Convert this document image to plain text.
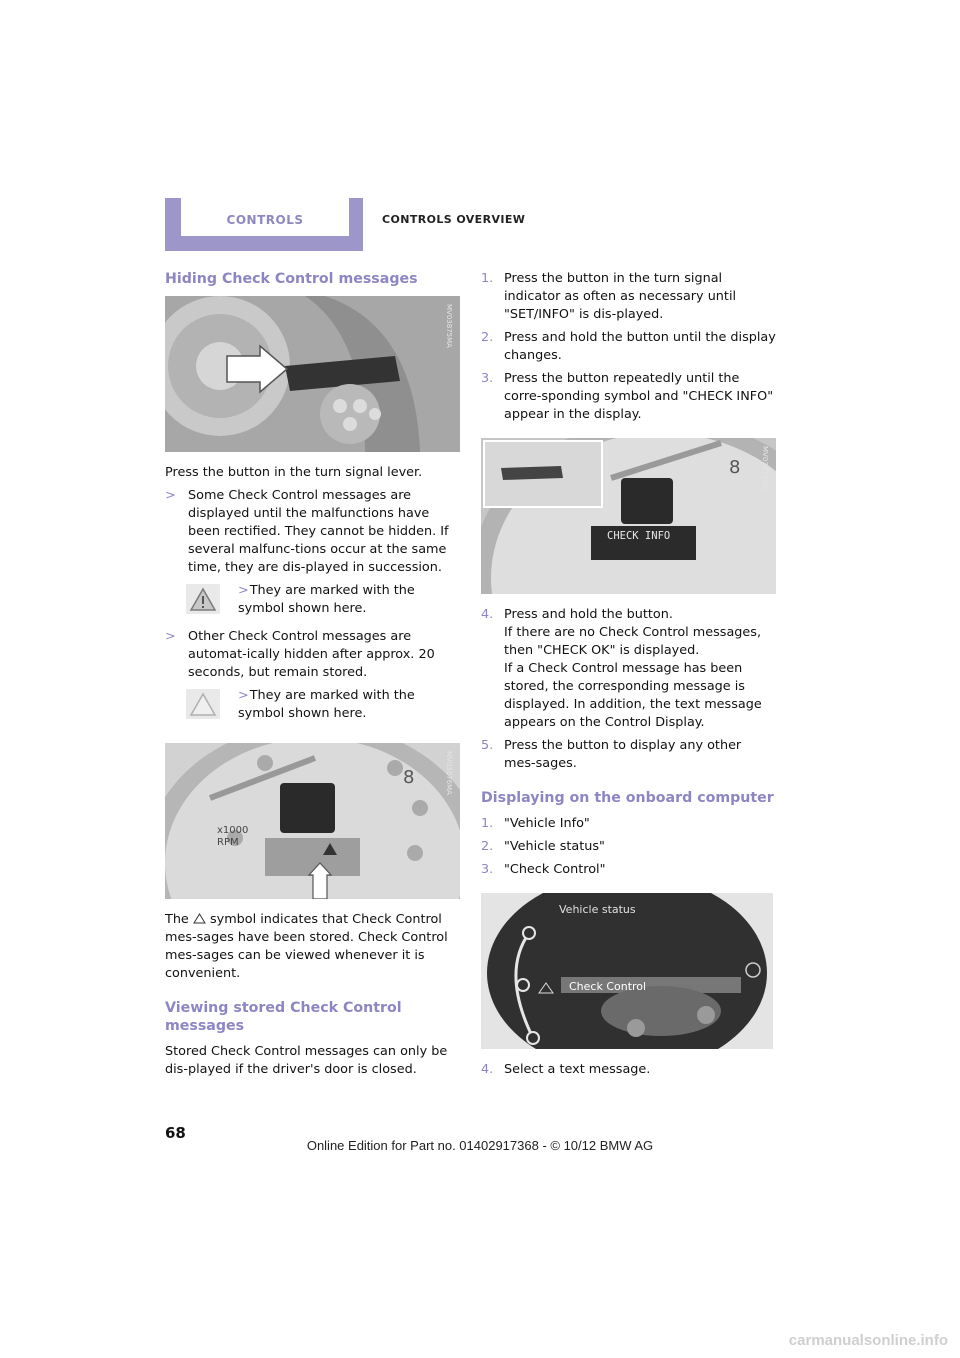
CONTROLS	CONTROLS OVERVIEW
Hiding Check Control messages
MV03875MA

Press the button in the turn signal lever.

> Some Check Control messages are displayed until the malfunctions have been rectified. They cannot be hidden. If several malfunc-tions occur at the same time, they are dis-played in succession.
>They are marked with the symbol shown here.
> Other Check Control messages are automat-ically hidden after approx. 20 seconds, but remain stored.
>They are marked with the symbol shown here.
8
x1000 RPM
MV03876MA

The symbol indicates that Check Control mes-sages have been stored. Check Control mes-sages can be viewed whenever it is convenient.

Viewing stored Check Control messages

Stored Check Control messages can only be dis-played if the driver's door is closed.

1. Press the button in the turn signal indicator as often as necessary until "SET/INFO" is dis-played.
2. Press and hold the button until the display changes.
3. Press the button repeatedly until the corre-sponding symbol and "CHECK INFO" appear in the display.
8
CHECK INFO
MV03877MA
4. Press and hold the button.
If there are no Check Control messages, then "CHECK OK" is displayed.
If a Check Control message has been stored, the corresponding message is displayed. In addition, the text message appears on the Control Display.
5. Press the button to display any other mes-sages.
Displaying on the onboard computer
1. "Vehicle Info"
2. "Vehicle status"
3. "Check Control"
Vehicle status
Check Control
4. Select a text message.
68
Online Edition for Part no. 01402917368 - © 10/12 BMW AG
carmanualsonline.info
